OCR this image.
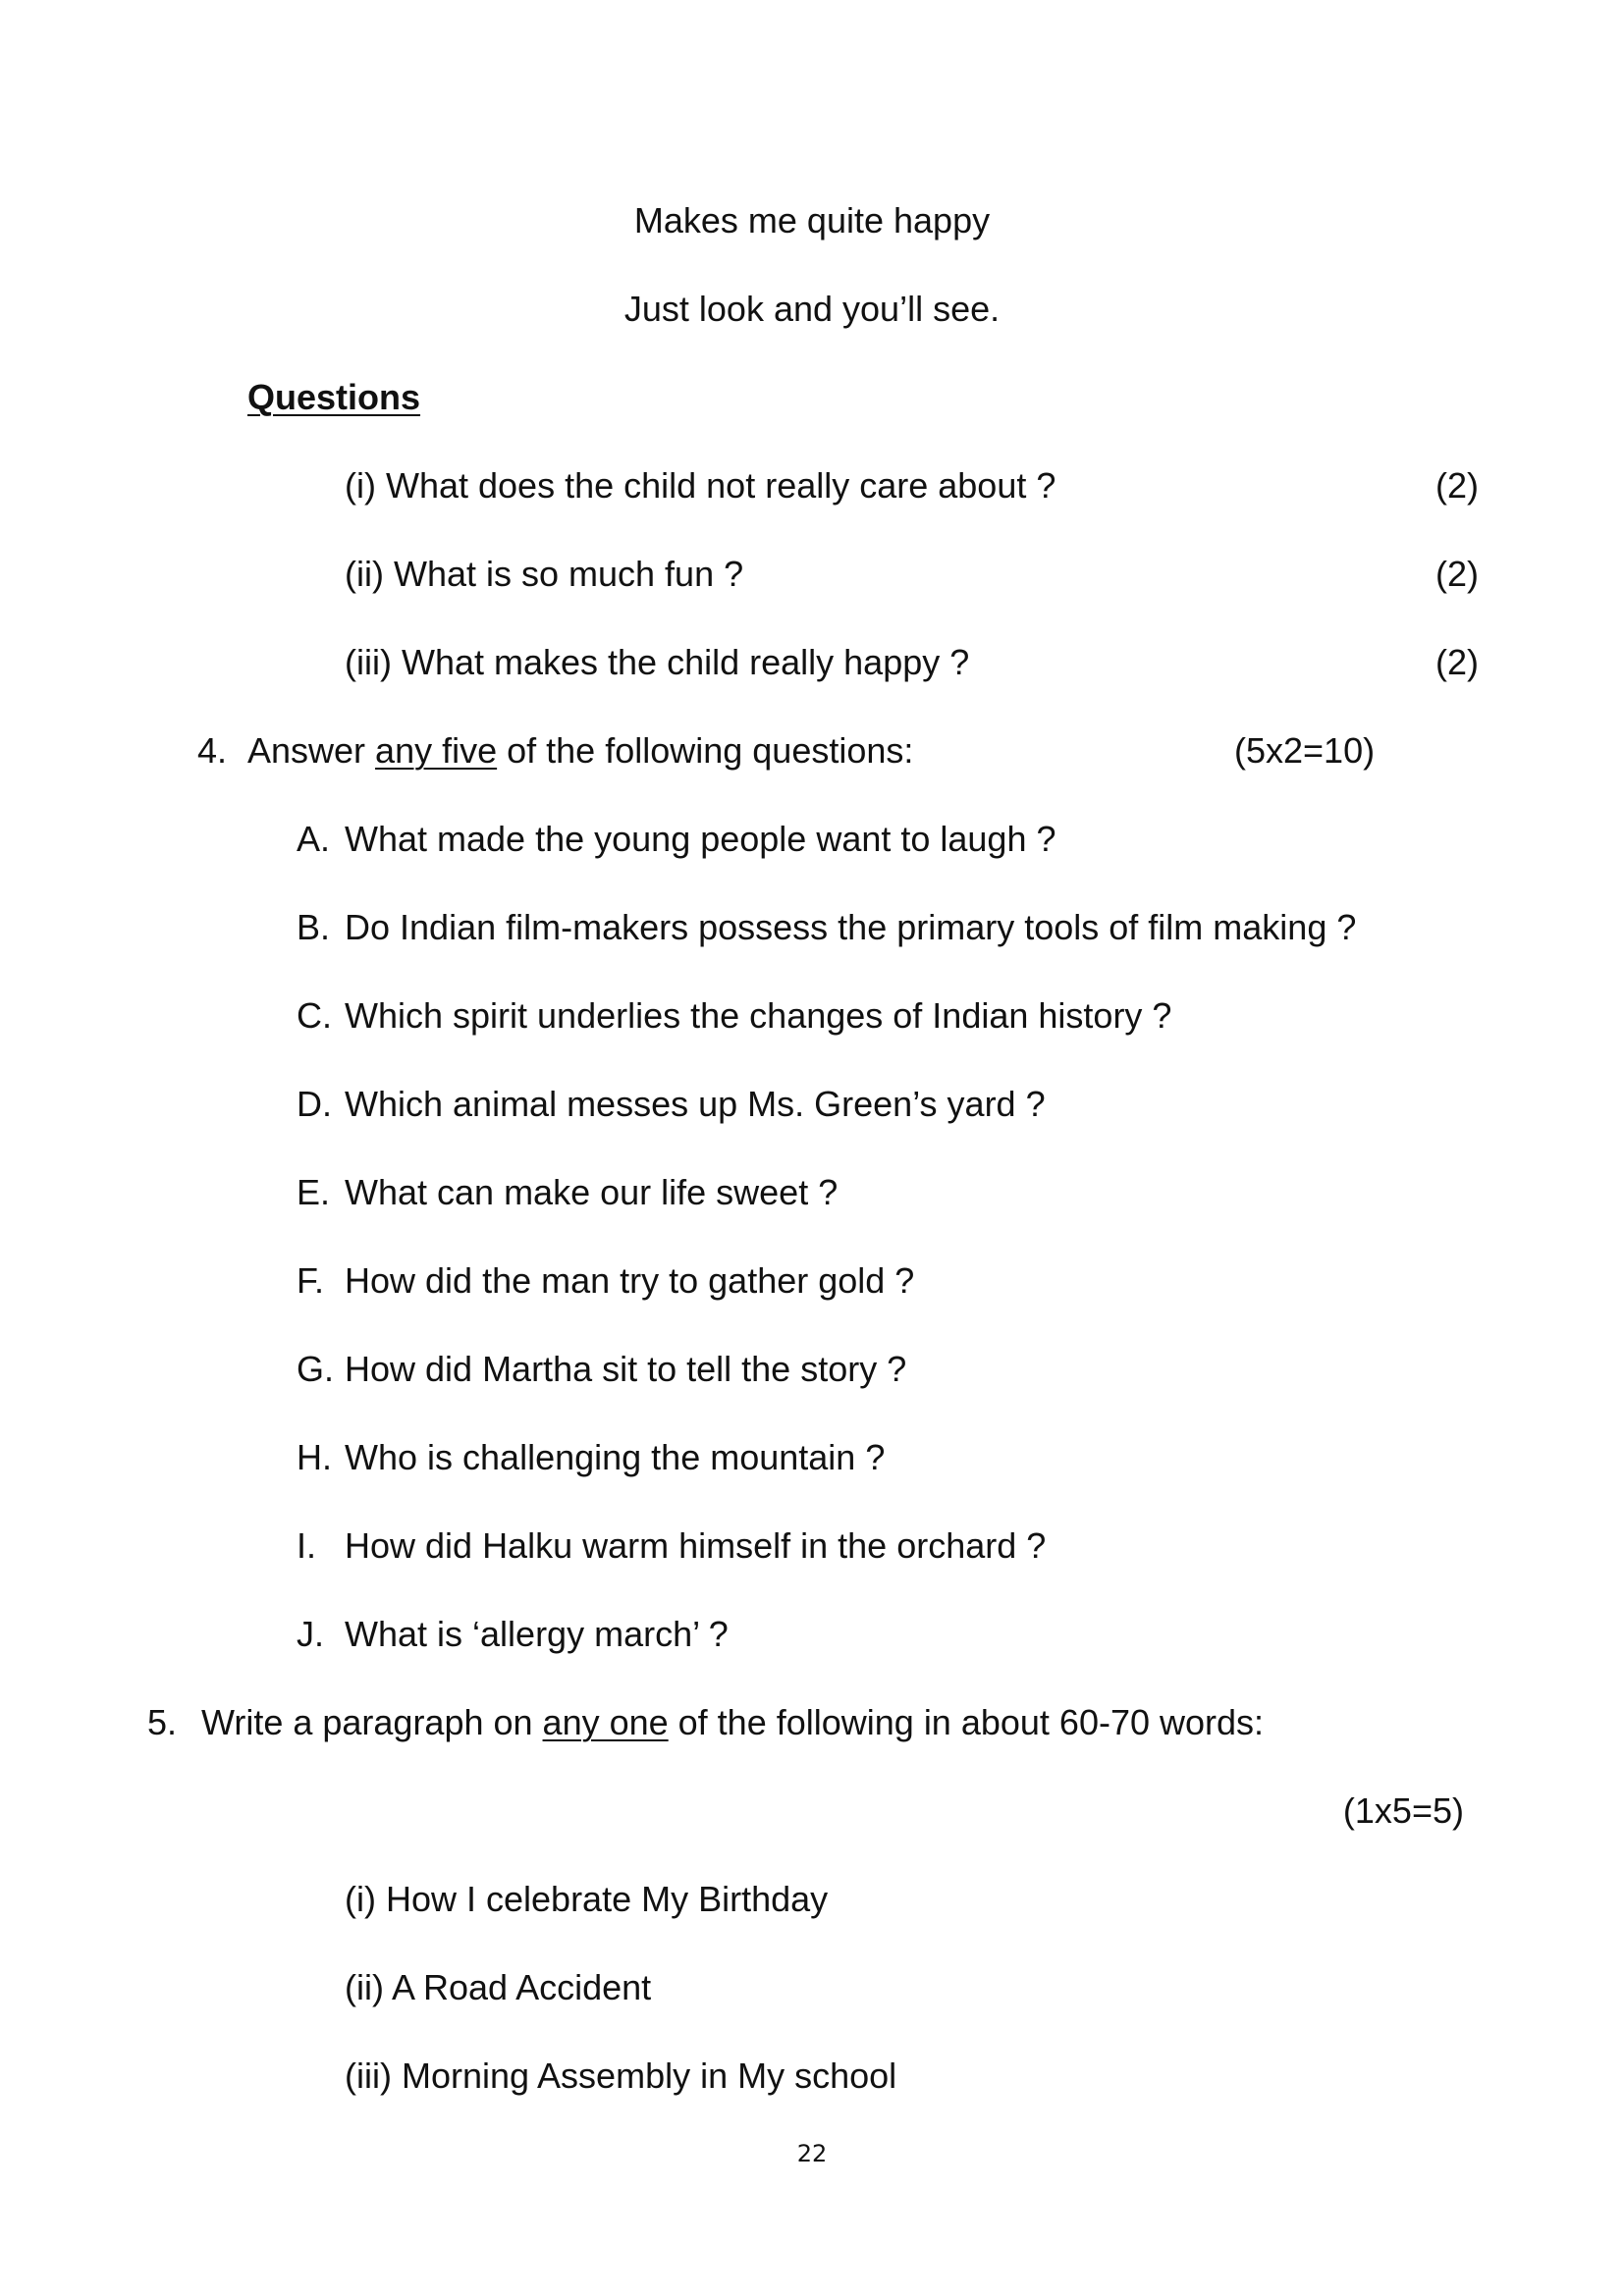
Makes me quite happy
Just look and you’ll see.
Questions
(i) What does the child not really care about ?	(2)
(ii) What is so much fun ?	(2)
(iii) What makes the child really happy ?	(2)
4. Answer any five of the following questions:	(5x2=10)
A. What made the young people want to laugh ?
B. Do Indian film-makers possess the primary tools of film making ?
C. Which spirit underlies the changes of Indian history ?
D. Which animal messes up Ms. Green’s yard ?
E. What can make our life sweet ?
F. How did the man try to gather gold ?
G. How did Martha sit to tell the story ?
H. Who is challenging the mountain ?
I. How did Halku warm himself in the orchard ?
J. What is ‘allergy march’ ?
5. Write a paragraph on any one of the following in about 60-70 words:
(1x5=5)
(i) How I celebrate My Birthday
(ii) A Road Accident
(iii) Morning Assembly in My school
22
